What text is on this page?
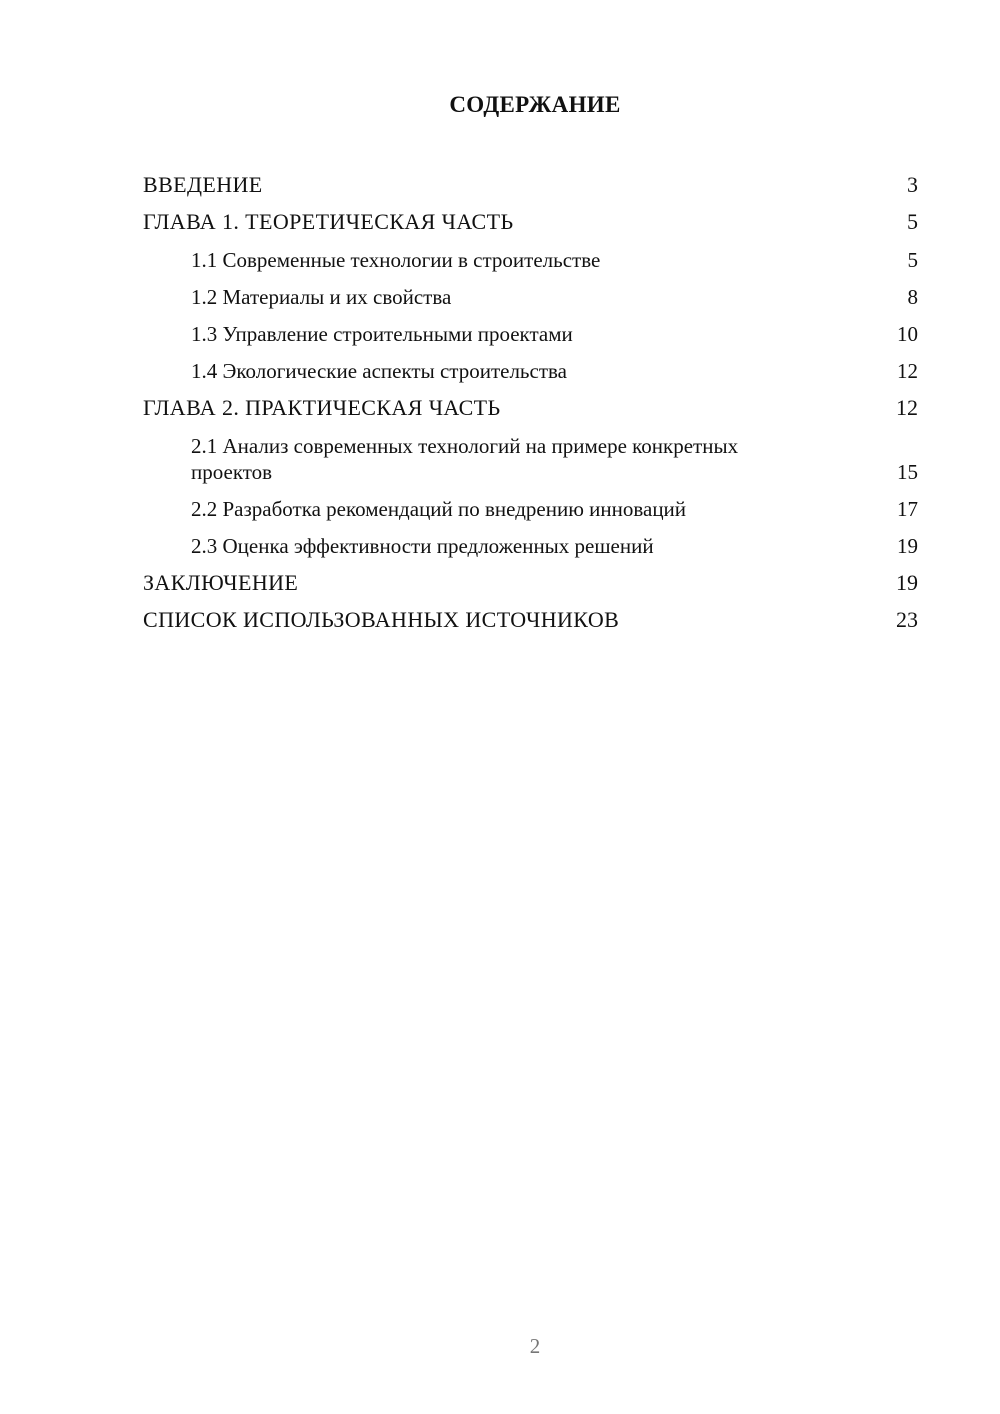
СОДЕРЖАНИЕ
ВВЕДЕНИЕ	3
ГЛАВА 1. ТЕОРЕТИЧЕСКАЯ ЧАСТЬ	5
1.1 Современные технологии в строительстве	5
1.2 Материалы и их свойства	8
1.3 Управление строительными проектами	10
1.4 Экологические аспекты строительства	12
ГЛАВА 2. ПРАКТИЧЕСКАЯ ЧАСТЬ	12
2.1 Анализ современных технологий на примере конкретных проектов	15
2.2 Разработка рекомендаций по внедрению инноваций	17
2.3 Оценка эффективности предложенных решений	19
ЗАКЛЮЧЕНИЕ	19
СПИСОК ИСПОЛЬЗОВАННЫХ ИСТОЧНИКОВ	23
2
